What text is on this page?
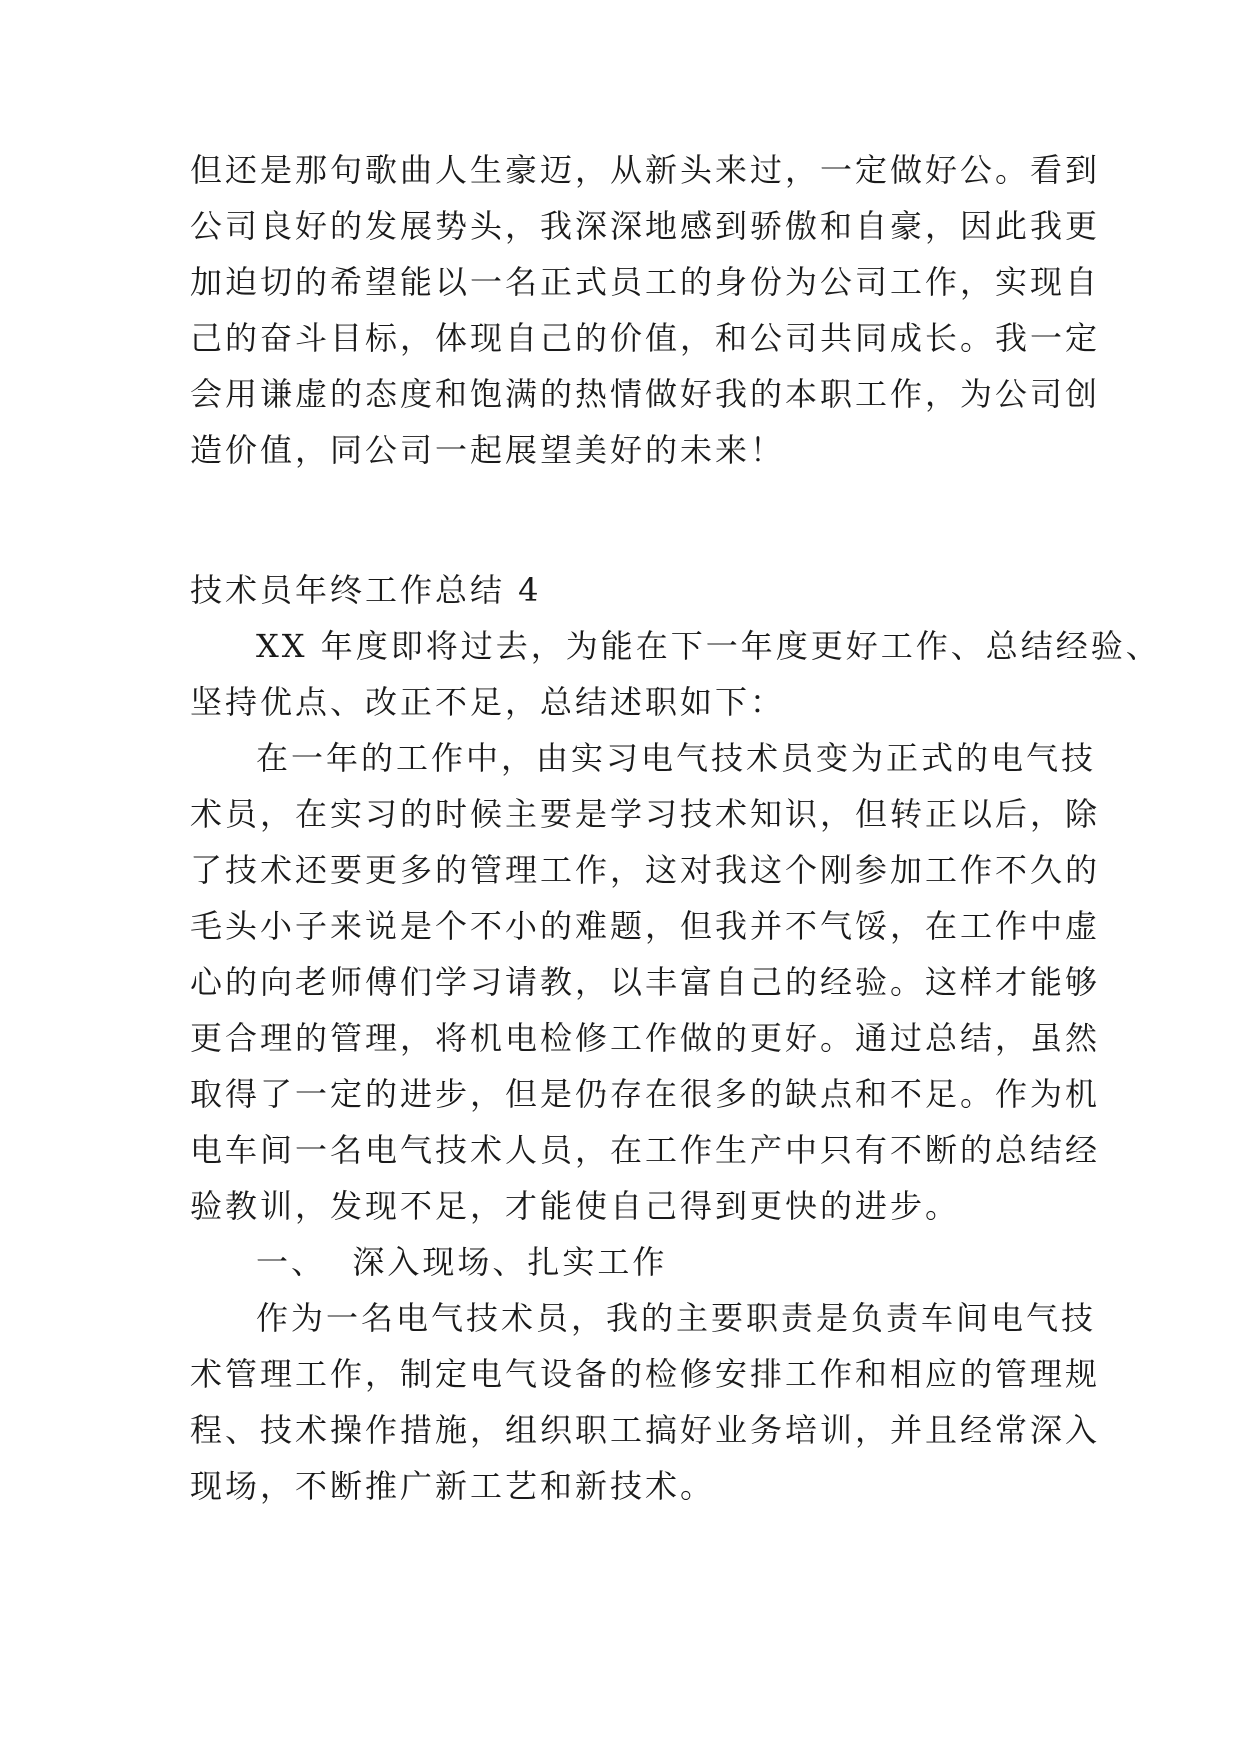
但还是那句歌曲人生豪迈，从新头来过，一定做好公。看到

公司良好的发展势头，我深深地感到骄傲和自豪，因此我更

加迫切的希望能以一名正式员工的身份为公司工作，实现自

己的奋斗目标，体现自己的价值，和公司共同成长。我一定

会用谦虚的态度和饱满的热情做好我的本职工作，为公司创

造价值，同公司一起展望美好的未来！

技术员年终工作总结 4

XX 年度即将过去，为能在下一年度更好工作、总结经验、

坚持优点、改正不足，总结述职如下：

在一年的工作中，由实习电气技术员变为正式的电气技

术员，在实习的时候主要是学习技术知识，但转正以后，除

了技术还要更多的管理工作，这对我这个刚参加工作不久的

毛头小子来说是个不小的难题，但我并不气馁，在工作中虚

心的向老师傅们学习请教，以丰富自己的经验。这样才能够

更合理的管理，将机电检修工作做的更好。通过总结，虽然

取得了一定的进步，但是仍存在很多的缺点和不足。作为机

电车间一名电气技术人员，在工作生产中只有不断的总结经

验教训，发现不足，才能使自己得到更快的进步。

一、  深入现场、扎实工作

作为一名电气技术员，我的主要职责是负责车间电气技

术管理工作，制定电气设备的检修安排工作和相应的管理规

程、技术操作措施，组织职工搞好业务培训，并且经常深入

现场，不断推广新工艺和新技术。
